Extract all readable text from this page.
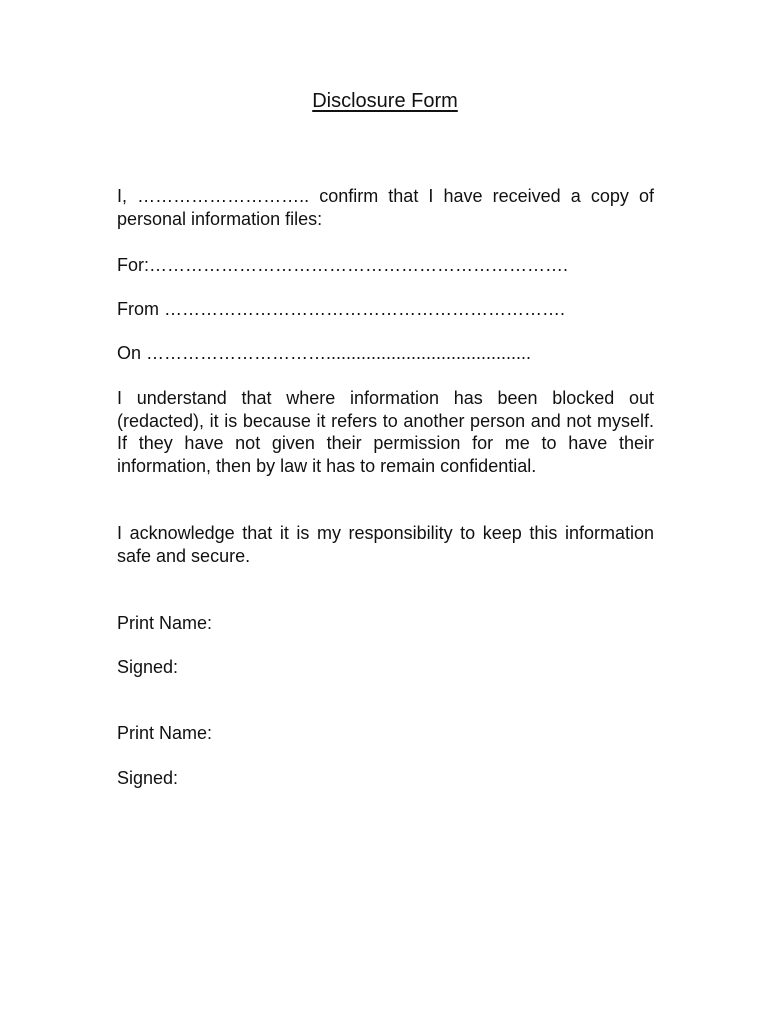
Disclosure Form

I, ……………………….. confirm that I have received a copy of personal information files:

For:…………………………………………………………….

From ………………………………………………………….

On ………………………….........................................

I understand that where information has been blocked out (redacted), it is because it refers to another person and not myself. If they have not given their permission for me to have their information, then by law it has to remain confidential.

I acknowledge that it is my responsibility to keep this information safe and secure.

Print Name:

Signed:

Print Name:

Signed:
